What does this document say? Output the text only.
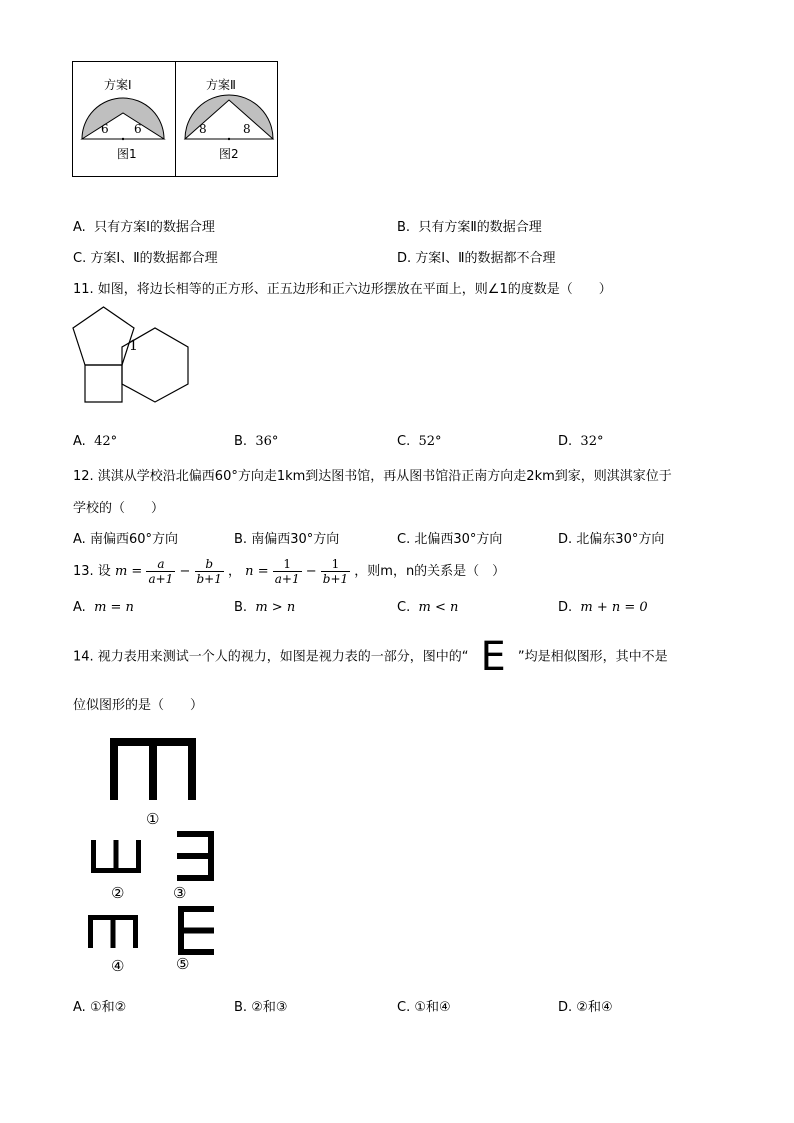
方案Ⅰ
6 6
图1
方案Ⅱ
8	8
图2
A. 只有方案Ⅰ的数据合理	B. 只有方案Ⅱ的数据合理
C. 方案Ⅰ、Ⅱ的数据都合理	D. 方案Ⅰ、Ⅱ的数据都不合理
11. 如图，将边长相等的正方形、正五边形和正六边形摆放在平面上，则∠1的度数是（　　）
1
A. 42°	B. 36°	C. 52°	D. 32°
12. 淇淇从学校沿北偏西60°方向走1km到达图书馆，再从图书馆沿正南方向走2km到家，则淇淇家位于
学校的（　　）
A. 南偏西60°方向	B. 南偏西30°方向	C. 北偏西30°方向	D. 北偏东30°方向
13. 设 $m = \frac{a}{a+1} - \frac{b}{b+1}$ ， $n = \frac{1}{a+1} - \frac{1}{b+1}$ ，则m，n的关系是（　）
A. m = n	B. m > n	C. m < n	D. m + n = 0
14. 视力表用来测试一个人的视力，如图是视力表的一部分，图中的“ E ”均是相似图形，其中不是
位似图形的是（　　）
①
②	③
④	⑤
A. ①和②	B. ②和③	C. ①和④	D. ②和④
